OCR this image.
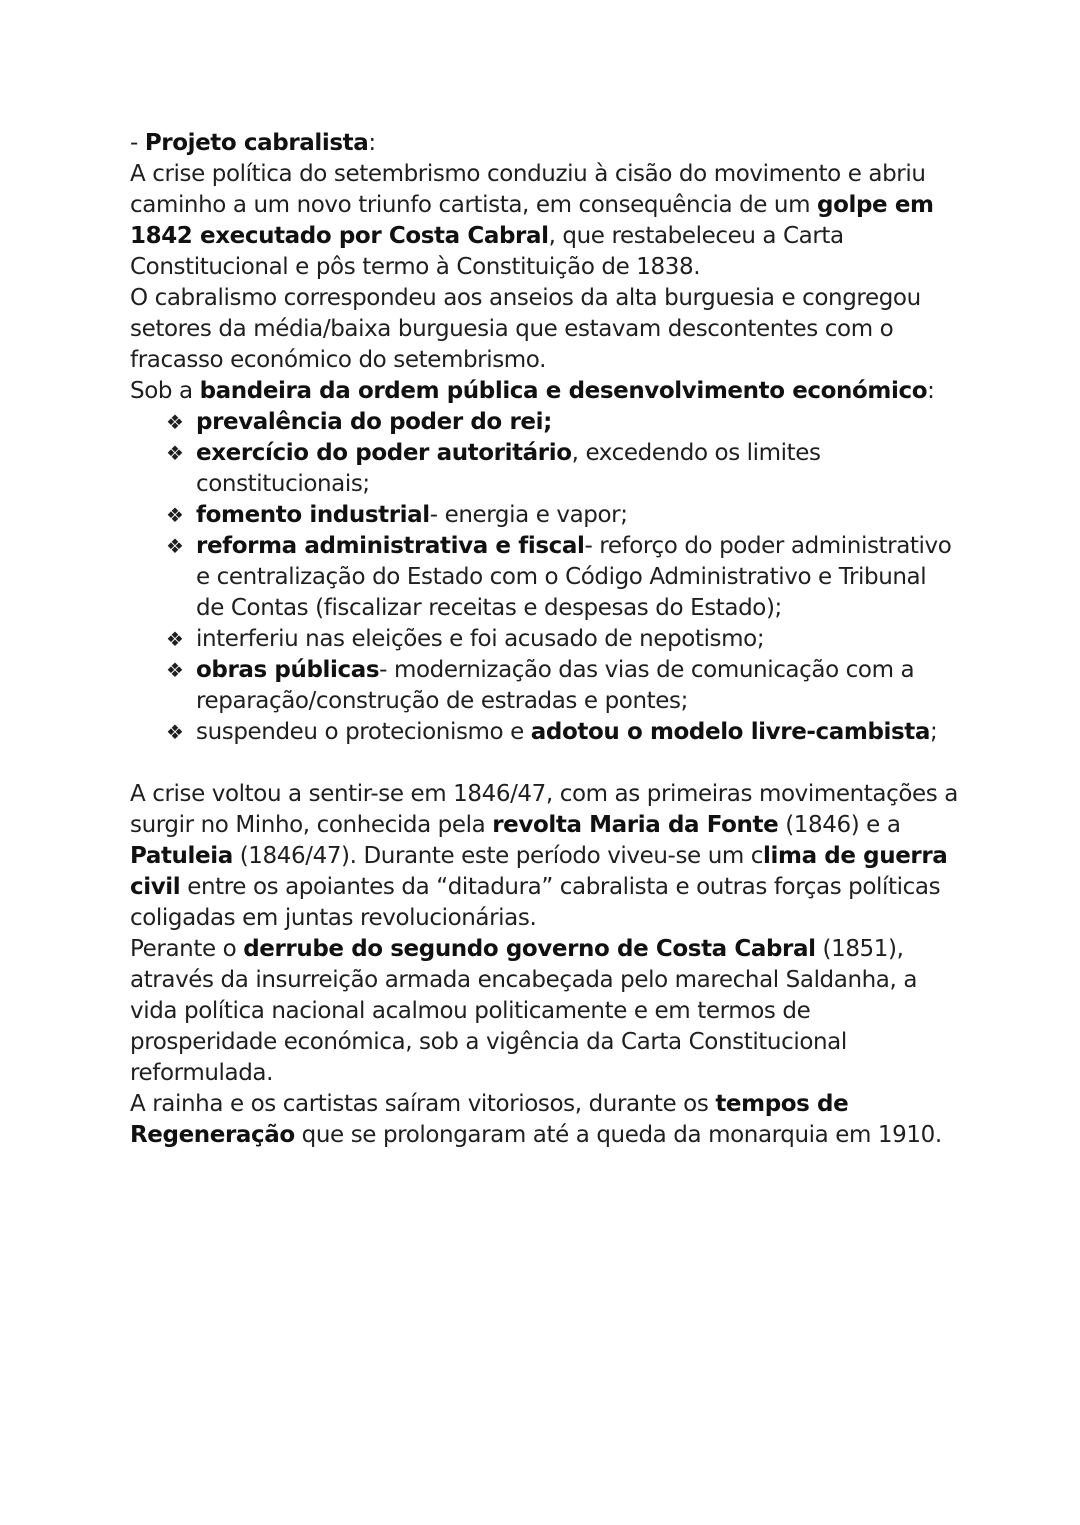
- Projeto cabralista:

A crise política do setembrismo conduziu à cisão do movimento e abriu caminho a um novo triunfo cartista, em consequência de um golpe em 1842 executado por Costa Cabral, que restabeleceu a Carta Constitucional e pôs termo à Constituição de 1838.

O cabralismo correspondeu aos anseios da alta burguesia e congregou setores da média/baixa burguesia que estavam descontentes com o fracasso económico do setembrismo.

Sob a bandeira da ordem pública e desenvolvimento económico:

❖ prevalência do poder do rei;
❖ exercício do poder autoritário, excedendo os limites constitucionais;
❖ fomento industrial- energia e vapor;
❖ reforma administrativa e fiscal- reforço do poder administrativo e centralização do Estado com o Código Administrativo e Tribunal de Contas (fiscalizar receitas e despesas do Estado);
❖ interferiu nas eleições e foi acusado de nepotismo;
❖ obras públicas- modernização das vias de comunicação com a reparação/construção de estradas e pontes;
❖ suspendeu o protecionismo e adotou o modelo livre-cambista;

A crise voltou a sentir-se em 1846/47, com as primeiras movimentações a surgir no Minho, conhecida pela revolta Maria da Fonte (1846) e a Patuleia (1846/47). Durante este período viveu-se um clima de guerra civil entre os apoiantes da “ditadura” cabralista e outras forças políticas coligadas em juntas revolucionárias.

Perante o derrube do segundo governo de Costa Cabral (1851), através da insurreição armada encabeçada pelo marechal Saldanha, a vida política nacional acalmou politicamente e em termos de prosperidade económica, sob a vigência da Carta Constitucional reformulada.

A rainha e os cartistas saíram vitoriosos, durante os tempos de Regeneração que se prolongaram até a queda da monarquia em 1910.
